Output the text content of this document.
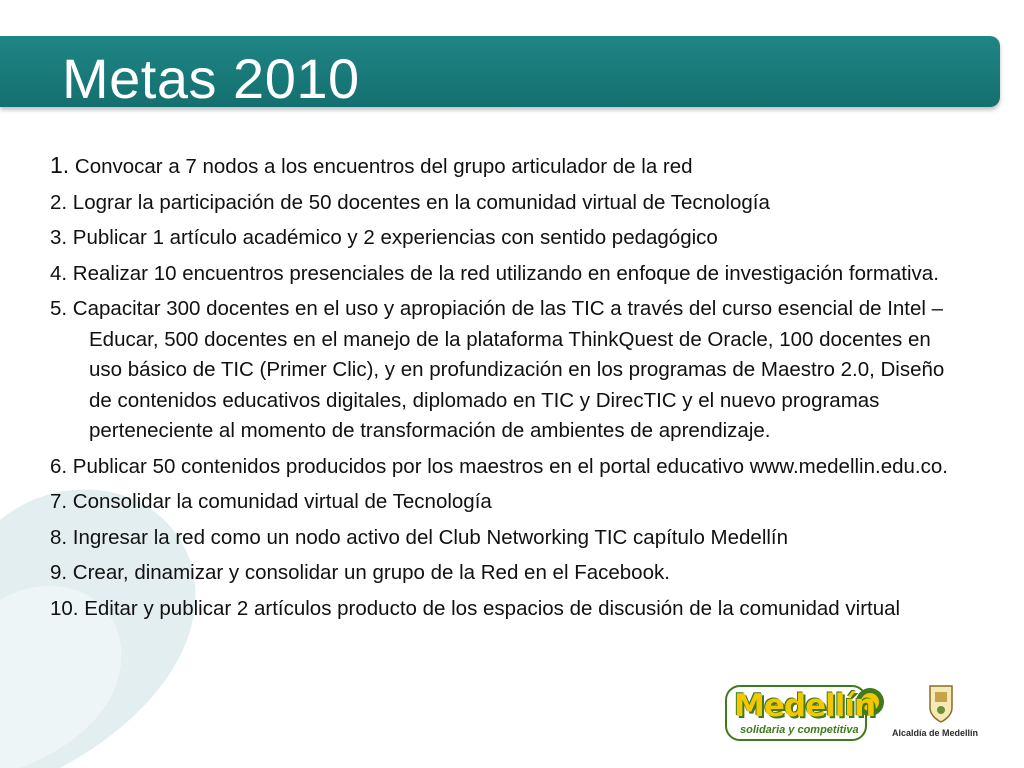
Metas 2010
1. Convocar a 7 nodos a los encuentros del grupo articulador de la red
2. Lograr la participación de 50 docentes en la comunidad virtual de Tecnología
3. Publicar 1 artículo académico y 2 experiencias con sentido pedagógico
4. Realizar 10 encuentros presenciales de la red utilizando en enfoque de investigación formativa.
5. Capacitar 300 docentes en el uso y apropiación de las TIC a través del curso esencial de Intel – Educar, 500 docentes en el manejo de la plataforma ThinkQuest de Oracle, 100 docentes en uso básico de TIC (Primer Clic), y en profundización en los programas de Maestro 2.0, Diseño de contenidos educativos digitales, diplomado en TIC y DirecTIC y el nuevo programas perteneciente al momento de transformación de ambientes de aprendizaje.
6. Publicar 50 contenidos producidos por los maestros en el portal educativo www.medellin.edu.co.
7. Consolidar la comunidad virtual de Tecnología
8. Ingresar la red como un nodo activo del Club Networking TIC capítulo Medellín
9. Crear, dinamizar y consolidar un grupo de la Red en el Facebook.
10. Editar y publicar 2 artículos producto de los espacios de discusión de la comunidad virtual
Medellín
solidaria y competitiva	Alcaldía de Medellín
